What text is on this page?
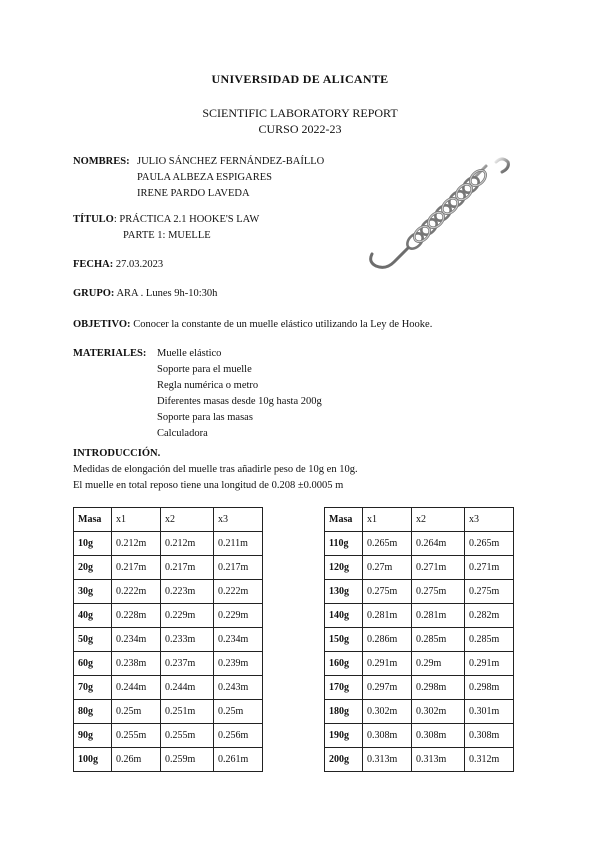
UNIVERSIDAD DE ALICANTE
SCIENTIFIC LABORATORY REPORT
CURSO 2022-23
NOMBRES: JULIO SÁNCHEZ FERNÁNDEZ-BAÍLLO
PAULA ALBEZA ESPIGARES
IRENE PARDO LAVEDA
TÍTULO: PRÁCTICA 2.1 HOOKE'S LAW
PARTE 1: MUELLE
FECHA: 27.03.2023
GRUPO: ARA . Lunes 9h-10:30h
OBJETIVO: Conocer la constante de un muelle elástico utilizando la Ley de Hooke.
MATERIALES: Muelle elástico
Soporte para el muelle
Regla numérica o metro
Diferentes masas desde 10g hasta 200g
Soporte para las masas
Calculadora
INTRODUCCIÓN.
Medidas de elongación del muelle tras añadirle peso de 10g en 10g.
El muelle en total reposo tiene una longitud de 0.208 ±0.0005 m
Masa	x1	x2	x3
10g	0.212m	0.212m	0.211m
20g	0.217m	0.217m	0.217m
30g	0.222m	0.223m	0.222m
40g	0.228m	0.229m	0.229m
50g	0.234m	0.233m	0.234m
60g	0.238m	0.237m	0.239m
70g	0.244m	0.244m	0.243m
80g	0.25m	0.251m	0.25m
90g	0.255m	0.255m	0.256m
100g	0.26m	0.259m	0.261m
Masa	x1	x2	x3
110g	0.265m	0.264m	0.265m
120g	0.27m	0.271m	0.271m
130g	0.275m	0.275m	0.275m
140g	0.281m	0.281m	0.282m
150g	0.286m	0.285m	0.285m
160g	0.291m	0.29m	0.291m
170g	0.297m	0.298m	0.298m
180g	0.302m	0.302m	0.301m
190g	0.308m	0.308m	0.308m
200g	0.313m	0.313m	0.312m
